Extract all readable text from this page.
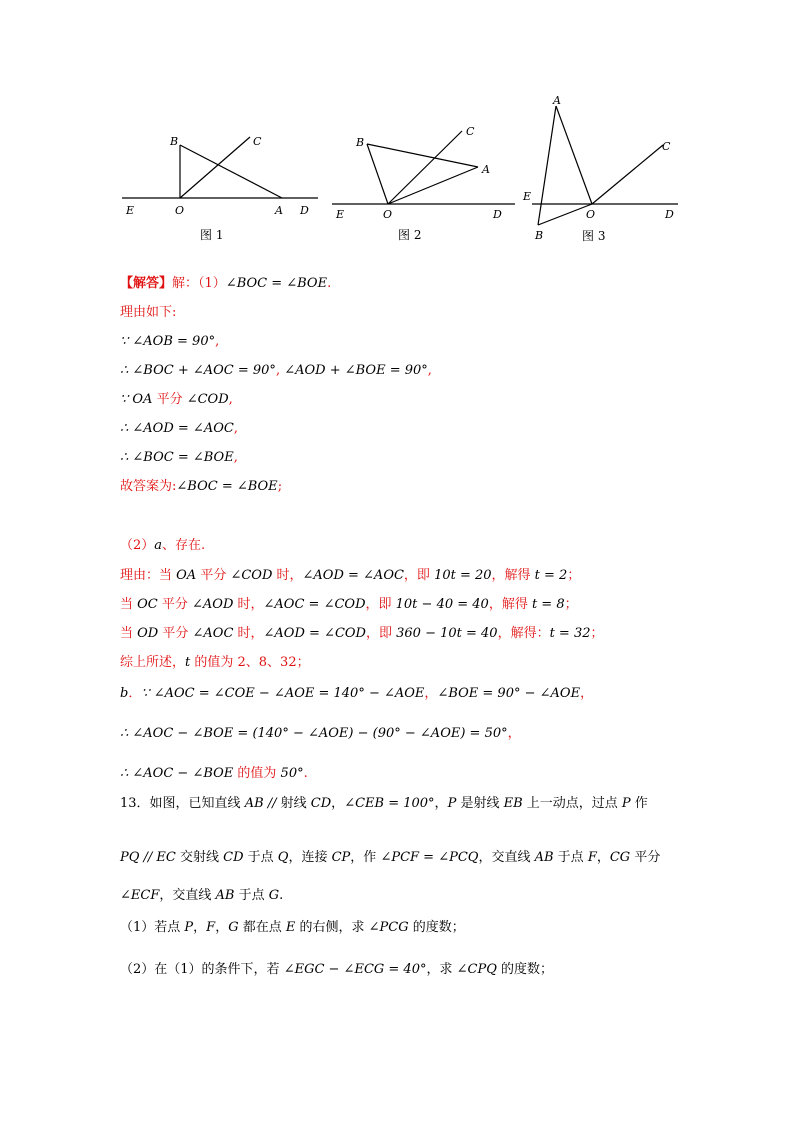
B	C
E	O	A D
图 1
B
C
A
E	O	D
图 2
A
C
E
O	D
B	图 3
【解答】解：（1）∠BOC = ∠BOE.
理由如下:
∵ ∠AOB = 90°,
∴ ∠BOC + ∠AOC = 90°, ∠AOD + ∠BOE = 90°,
∵ OA 平分 ∠COD,
∴ ∠AOD = ∠AOC,
∴ ∠BOC = ∠BOE,
故答案为:∠BOC = ∠BOE;
（2）a、存在.
理由：当 OA 平分 ∠COD 时，∠AOD = ∠AOC，即 10t = 20，解得 t = 2；
当 OC 平分 ∠AOD 时，∠AOC = ∠COD，即 10t − 40 = 40，解得 t = 8；
当 OD 平分 ∠AOC 时，∠AOD = ∠COD，即 360 − 10t = 40，解得：t = 32；
综上所述，t 的值为 2、8、32；
b．∵ ∠AOC = ∠COE − ∠AOE = 140° − ∠AOE，∠BOE = 90° − ∠AOE，
∴ ∠AOC − ∠BOE = (140° − ∠AOE) − (90° − ∠AOE) = 50°，
∴ ∠AOC − ∠BOE 的值为 50°.
13．如图，已知直线 AB // 射线 CD，∠CEB = 100°，P 是射线 EB 上一动点，过点 P 作
PQ // EC 交射线 CD 于点 Q，连接 CP，作 ∠PCF = ∠PCQ，交直线 AB 于点 F，CG 平分
∠ECF，交直线 AB 于点 G.
（1）若点 P，F，G 都在点 E 的右侧，求 ∠PCG 的度数；
（2）在（1）的条件下，若 ∠EGC − ∠ECG = 40°，求 ∠CPQ 的度数；
